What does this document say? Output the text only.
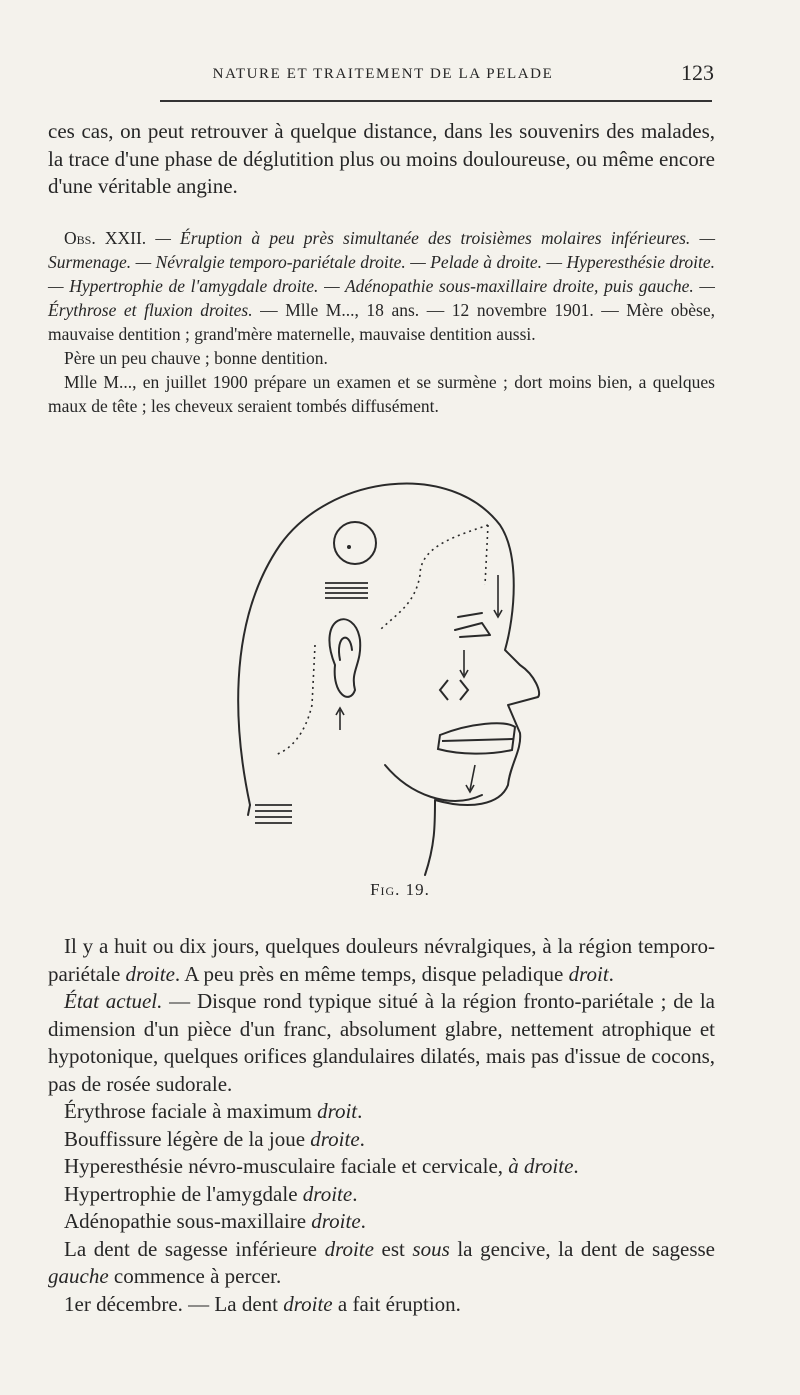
NATURE ET TRAITEMENT DE LA PELADE	123

ces cas, on peut retrouver à quelque distance, dans les souvenirs des malades, la trace d'une phase de déglutition plus ou moins douloureuse, ou même encore d'une véritable angine.

Obs. XXII. — Éruption à peu près simultanée des troisièmes molaires inférieures. — Surmenage. — Névralgie temporo-pariétale droite. — Pelade à droite. — Hyperesthésie droite. — Hypertrophie de l'amygdale droite. — Adénopathie sous-maxillaire droite, puis gauche. — Érythrose et fluxion droites. — Mlle M..., 18 ans. — 12 novembre 1901. — Mère obèse, mauvaise dentition ; grand'mère maternelle, mauvaise dentition aussi.

Père un peu chauve ; bonne dentition.

Mlle M..., en juillet 1900 prépare un examen et se surmène ; dort moins bien, a quelques maux de tête ; les cheveux seraient tombés diffusément.

Fig. 19.

Il y a huit ou dix jours, quelques douleurs névralgiques, à la région temporo-pariétale droite. A peu près en même temps, disque peladique droit.

État actuel. — Disque rond typique situé à la région fronto-pariétale ; de la dimension d'un pièce d'un franc, absolument glabre, nettement atrophique et hypotonique, quelques orifices glandulaires dilatés, mais pas d'issue de cocons, pas de rosée sudorale.

Érythrose faciale à maximum droit.

Bouffissure légère de la joue droite.

Hyperesthésie névro-musculaire faciale et cervicale, à droite.

Hypertrophie de l'amygdale droite.

Adénopathie sous-maxillaire droite.

La dent de sagesse inférieure droite est sous la gencive, la dent de sagesse gauche commence à percer.

1er décembre. — La dent droite a fait éruption.
